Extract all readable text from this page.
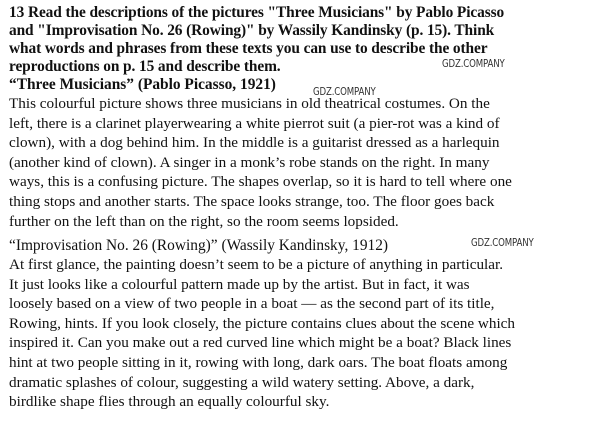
13 Read the descriptions of the pictures "Three Musicians" by Pablo Picasso
and "Improvisation No. 26 (Rowing)" by Wassily Kandinsky (p. 15). Think
what words and phrases from these texts you can use to describe the other
reproductions on p. 15 and describe them.
“Three Musicians” (Pablo Picasso, 1921)
This colourful picture shows three musicians in old theatrical costumes. On the
left, there is a clarinet playerwearing a white pierrot suit (a pier-rot was a kind of
clown), with a dog behind him. In the middle is a guitarist dressed as a harlequin
(another kind of clown). A singer in a monk’s robe stands on the right. In many
ways, this is a confusing picture. The shapes overlap, so it is hard to tell where one
thing stops and another starts. The space looks strange, too. The floor goes back
further on the left than on the right, so the room seems lopsided.
“Improvisation No. 26 (Rowing)” (Wassily Kandinsky, 1912)
At first glance, the painting doesn’t seem to be a picture of anything in particular.
It just looks like a colourful pattern made up by the artist. But in fact, it was
loosely based on a view of two people in a boat — as the second part of its title,
Rowing, hints. If you look closely, the picture contains clues about the scene which
inspired it. Can you make out a red curved line which might be a boat? Black lines
hint at two people sitting in it, rowing with long, dark oars. The boat floats among
dramatic splashes of colour, suggesting a wild watery setting. Above, a dark,
birdlike shape flies through an equally colourful sky.
GDZ.COMPANY
GDZ.COMPANY
GDZ.COMPANY
